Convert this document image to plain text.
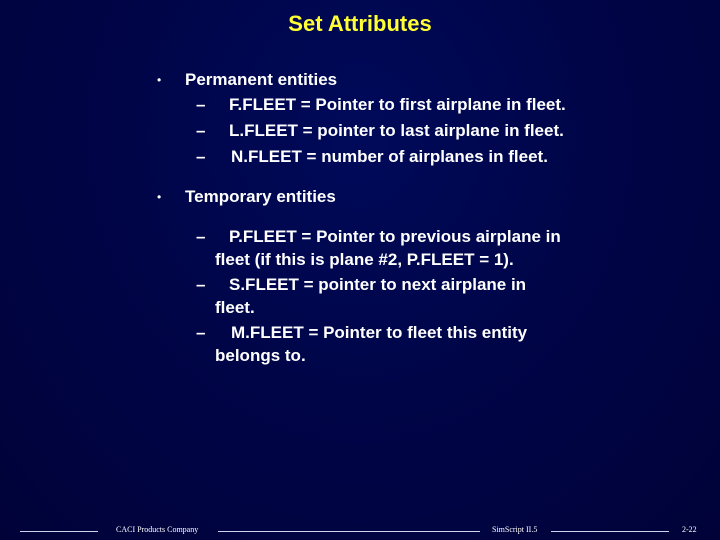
Set Attributes
• Permanent entities
– F.FLEET = Pointer to first airplane in fleet.
– L.FLEET = pointer to last airplane in fleet.
– N.FLEET = number of airplanes in fleet.
• Temporary entities
– P.FLEET = Pointer to previous airplane in
fleet (if this is plane #2, P.FLEET = 1).
– S.FLEET = pointer to next airplane in
fleet.
– M.FLEET = Pointer to fleet this entity
belongs to.
CACI Products Company	SimScript II.5	2-22
